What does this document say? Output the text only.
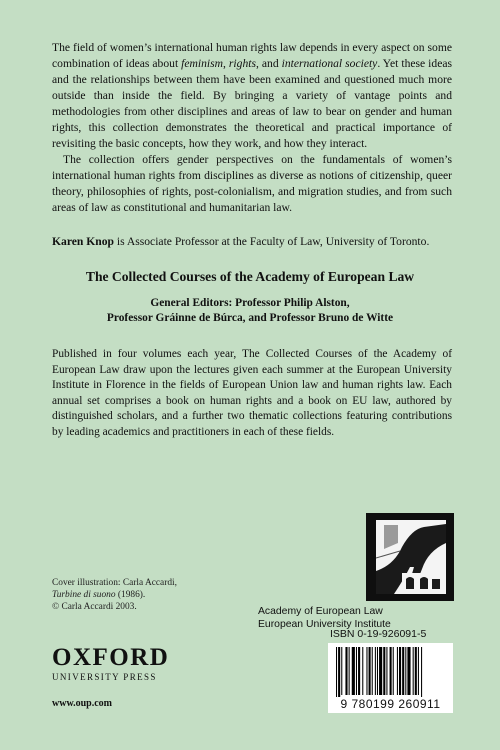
The field of women’s international human rights law depends in every aspect on some combination of ideas about feminism, rights, and international society. Yet these ideas and the relationships between them have been examined and questioned much more outside than inside the field. By bringing a variety of vantage points and methodologies from other disciplines and areas of law to bear on gender and human rights, this collection demonstrates the theoretical and practical importance of revisiting the basic concepts, how they work, and how they interact.

The collection offers gender perspectives on the fundamentals of women’s international human rights from disciplines as diverse as notions of citizenship, queer theory, philosophies of rights, post-colonialism, and migration studies, and from such areas of law as constitutional and humanitarian law.

Karen Knop is Associate Professor at the Faculty of Law, University of Toronto.
The Collected Courses of the Academy of European Law
General Editors: Professor Philip Alston,
Professor Gráinne de Búrca, and Professor Bruno de Witte

Published in four volumes each year, The Collected Courses of the Academy of European Law draw upon the lectures given each summer at the European University Institute in Florence in the fields of European Union law and human rights law. Each annual set comprises a book on human rights and a book on EU law, authored by distinguished scholars, and a further two thematic collections featuring contributions by leading academics and practitioners in each of these fields.

Cover illustration: Carla Accardi,
Turbine di suono (1986).
© Carla Accardi 2003.	Academy of European Law
European University Institute
OXFORD
UNIVERSITY PRESS
www.oup.com
ISBN 0-19-926091-5
9 780199 260911
